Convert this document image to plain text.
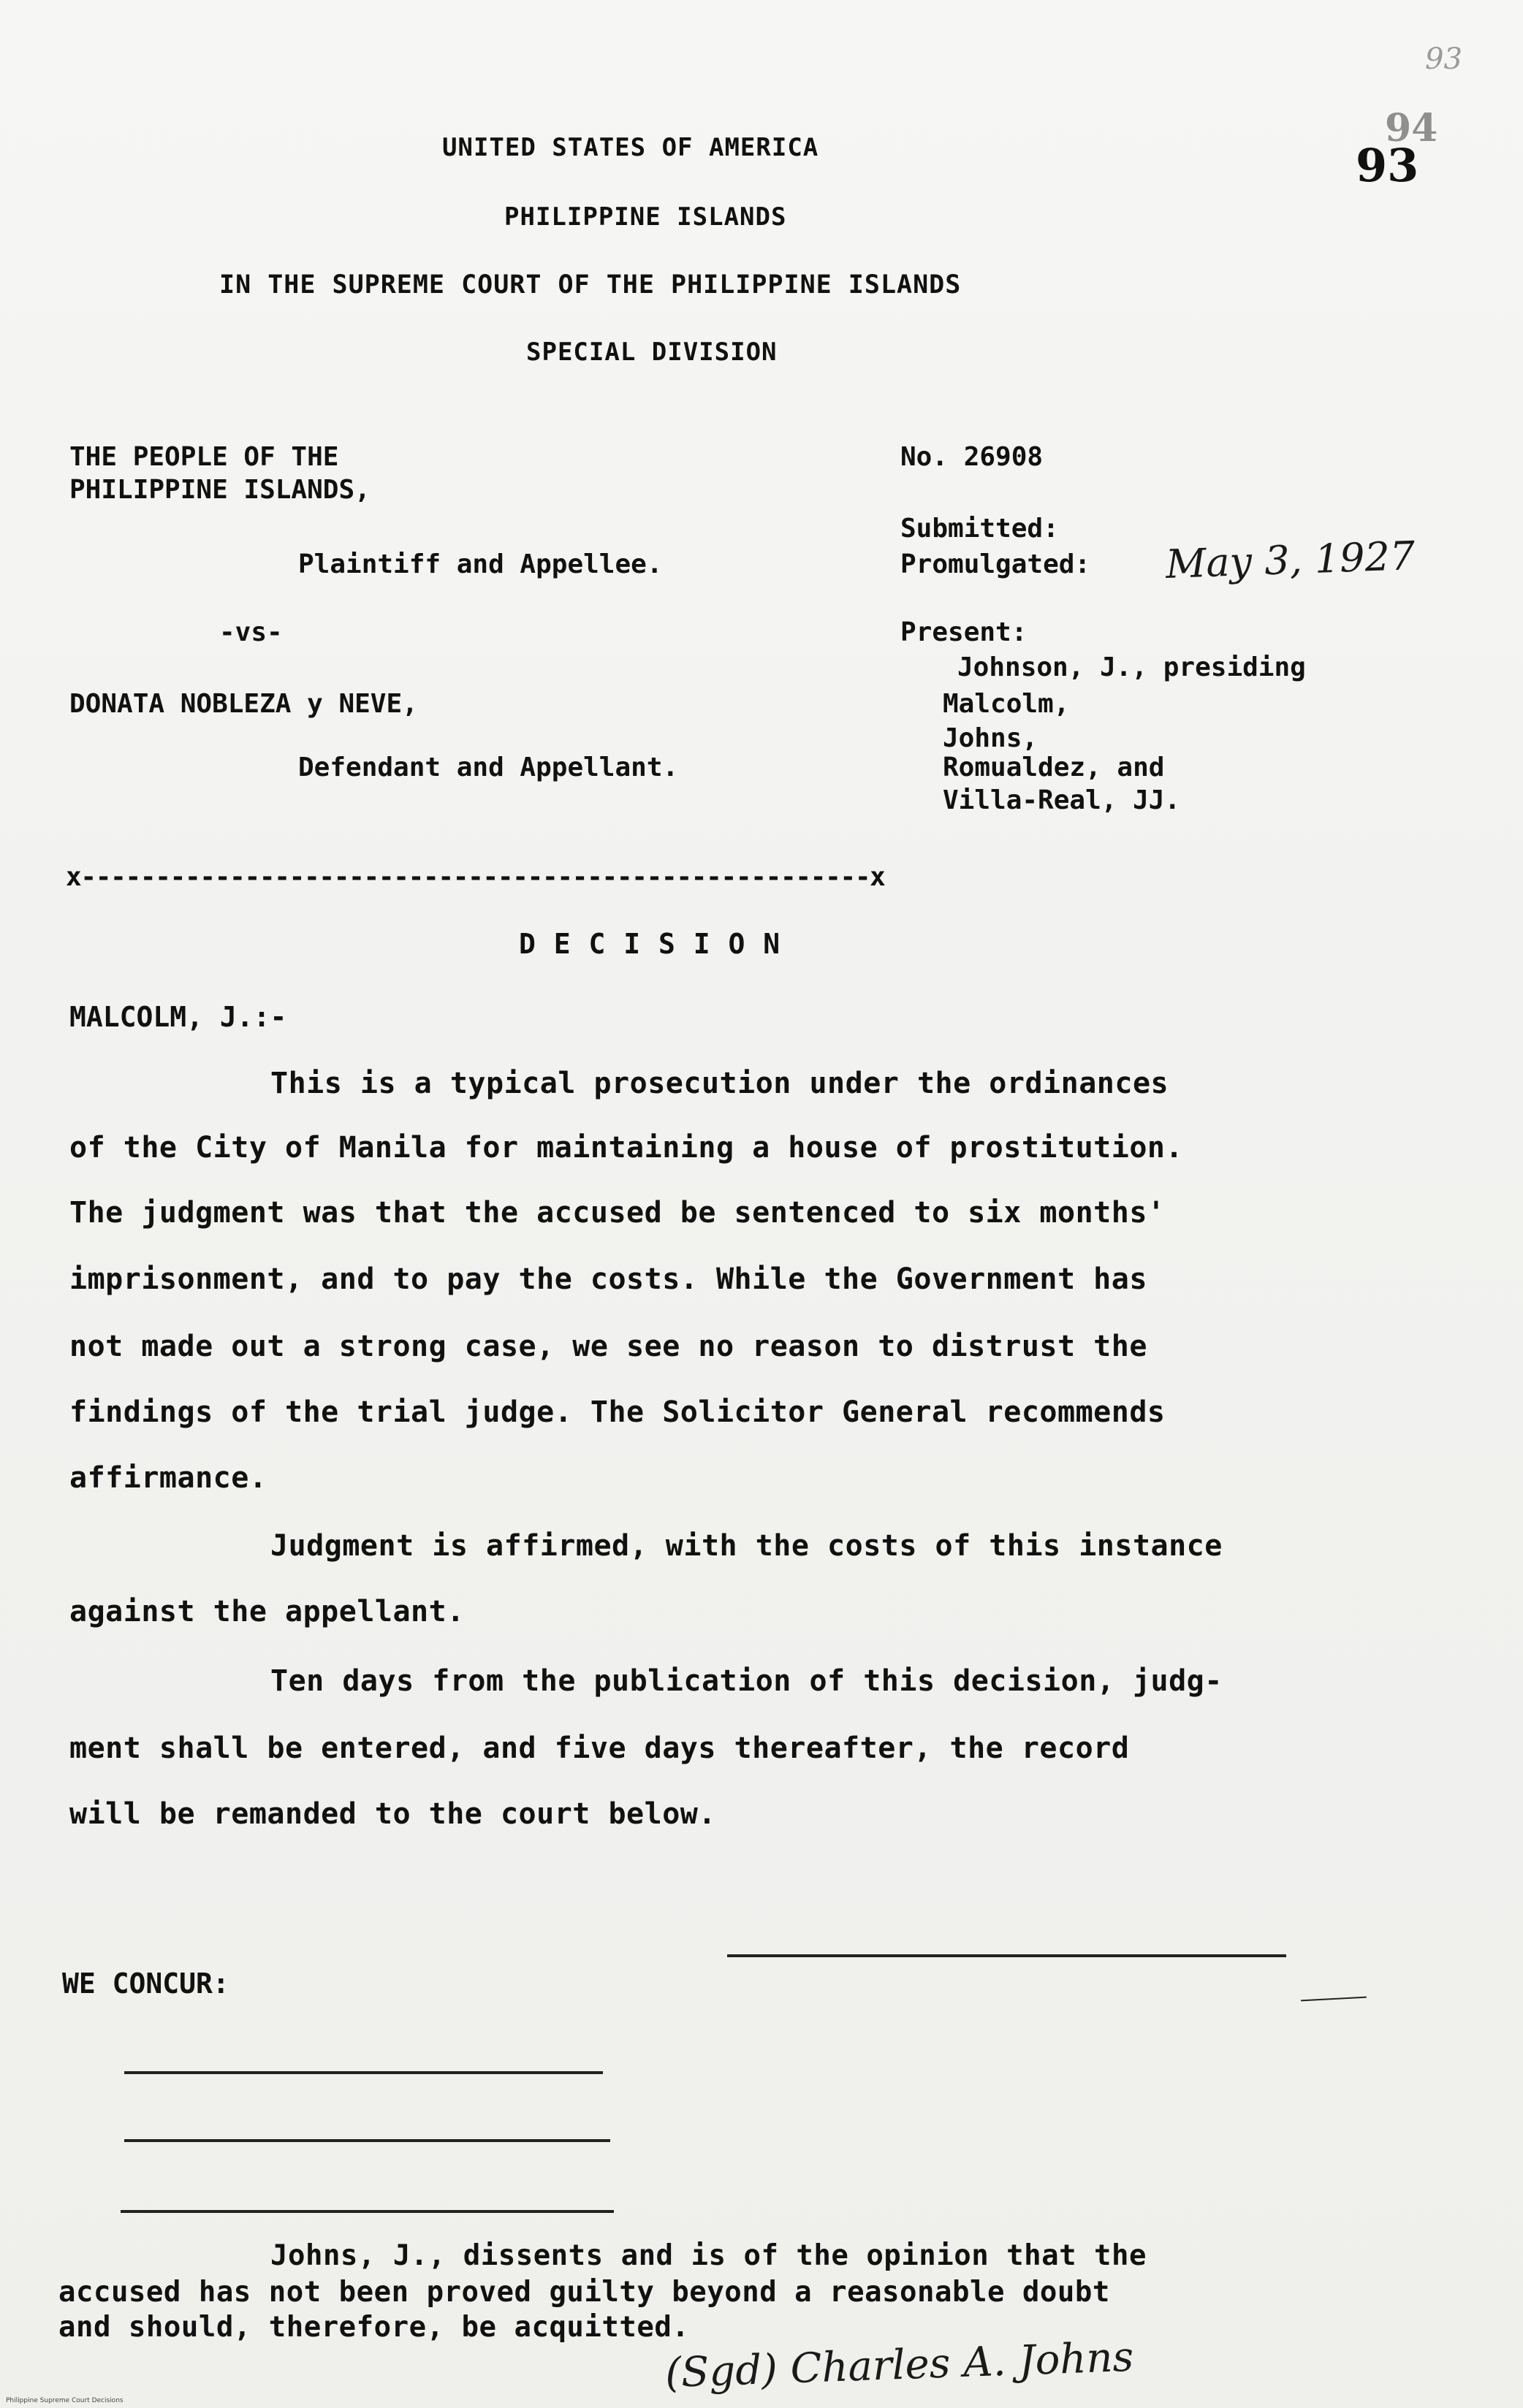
93
94
93
UNITED STATES OF AMERICA
PHILIPPINE ISLANDS
IN THE SUPREME COURT OF THE PHILIPPINE ISLANDS
SPECIAL DIVISION
THE PEOPLE OF THE
PHILIPPINE ISLANDS,
Plaintiff and Appellee.
-vs-
DONATA NOBLEZA y NEVE,
Defendant and Appellant.
No. 26908
Submitted:
Promulgated: May 3, 1927
Present:
Johnson, J., presiding
Malcolm,
Johns,
Romualdez, and
Villa-Real, JJ.
x-----------------------------------------------------x
D E C I S I O N
MALCOLM, J.:-
This is a typical prosecution under the ordinances
of the City of Manila for maintaining a house of prostitution.
The judgment was that the accused be sentenced to six months'
imprisonment, and to pay the costs. While the Government has
not made out a strong case, we see no reason to distrust the
findings of the trial judge. The Solicitor General recommends
affirmance.
Judgment is affirmed, with the costs of this instance
against the appellant.
Ten days from the publication of this decision, judg-
ment shall be entered, and five days thereafter, the record
will be remanded to the court below.
WE CONCUR:
Johns, J., dissents and is of the opinion that the
accused has not been proved guilty beyond a reasonable doubt
and should, therefore, be acquitted.
(Sgd) Charles A. Johns
Philippine Supreme Court Decisions
